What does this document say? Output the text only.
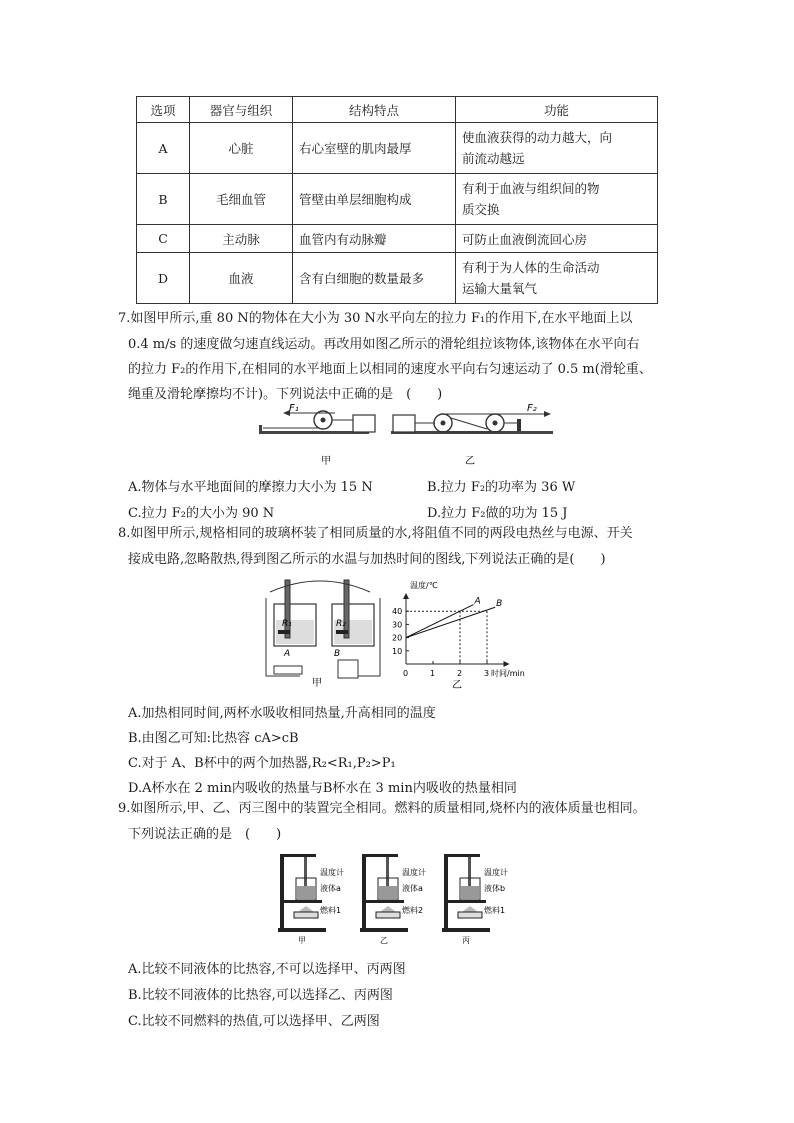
选项	器官与组织	结构特点	功能
A	心脏	右心室壁的肌肉最厚	使血液获得的动力越大，向
前流动越远

B	毛细血管	管壁由单层细胞构成	有利于血液与组织间的物
质交换

C	主动脉	血管内有动脉瓣	可防止血液倒流回心房
D	血液	含有白细胞的数量最多	有利于为人体的生命活动
运输大量氧气
7.如图甲所示,重 80 N的物体在大小为 30 N水平向左的拉力 F₁的作用下,在水平地面上以
0.4 m/s 的速度做匀速直线运动。再改用如图乙所示的滑轮组拉该物体,该物体在水平向右
的拉力 F₂的作用下,在相同的水平地面上以相同的速度水平向右匀速运动了 0.5 m(滑轮重、
绳重及滑轮摩擦均不计)。下列说法中正确的是　(　　)
F₁
甲
F₂
乙
A.物体与水平地面间的摩擦力大小为 15 N	B.拉力 F₂的功率为 36 W
C.拉力 F₂的大小为 90 N	D.拉力 F₂做的功为 15 J
8.如图甲所示,规格相同的玻璃杯装了相同质量的水,将阻值不同的两段电热丝与电源、开关
接成电路,忽略散热,得到图乙所示的水温与加热时间的图线,下列说法正确的是(　　)
R₁	R₂
A	B
甲
温度/℃
0	1	2	3 时间/min
10
20
30
40
A B
乙
A.加热相同时间,两杯水吸收相同热量,升高相同的温度
B.由图乙可知:比热容 cA>cB
C.对于 A、B杯中的两个加热器,R₂<R₁,P₂>P₁
D.A杯水在 2 min内吸收的热量与B杯水在 3 min内吸收的热量相同
9.如图所示,甲、乙、丙三图中的装置完全相同。燃料的质量相同,烧杯内的液体质量也相同。
下列说法正确的是　(　　)
温度计
液体a
燃料1
甲
温度计
液体a
燃料2
乙
温度计
液体b
燃料1
丙
A.比较不同液体的比热容,不可以选择甲、丙两图
B.比较不同液体的比热容,可以选择乙、丙两图
C.比较不同燃料的热值,可以选择甲、乙两图
